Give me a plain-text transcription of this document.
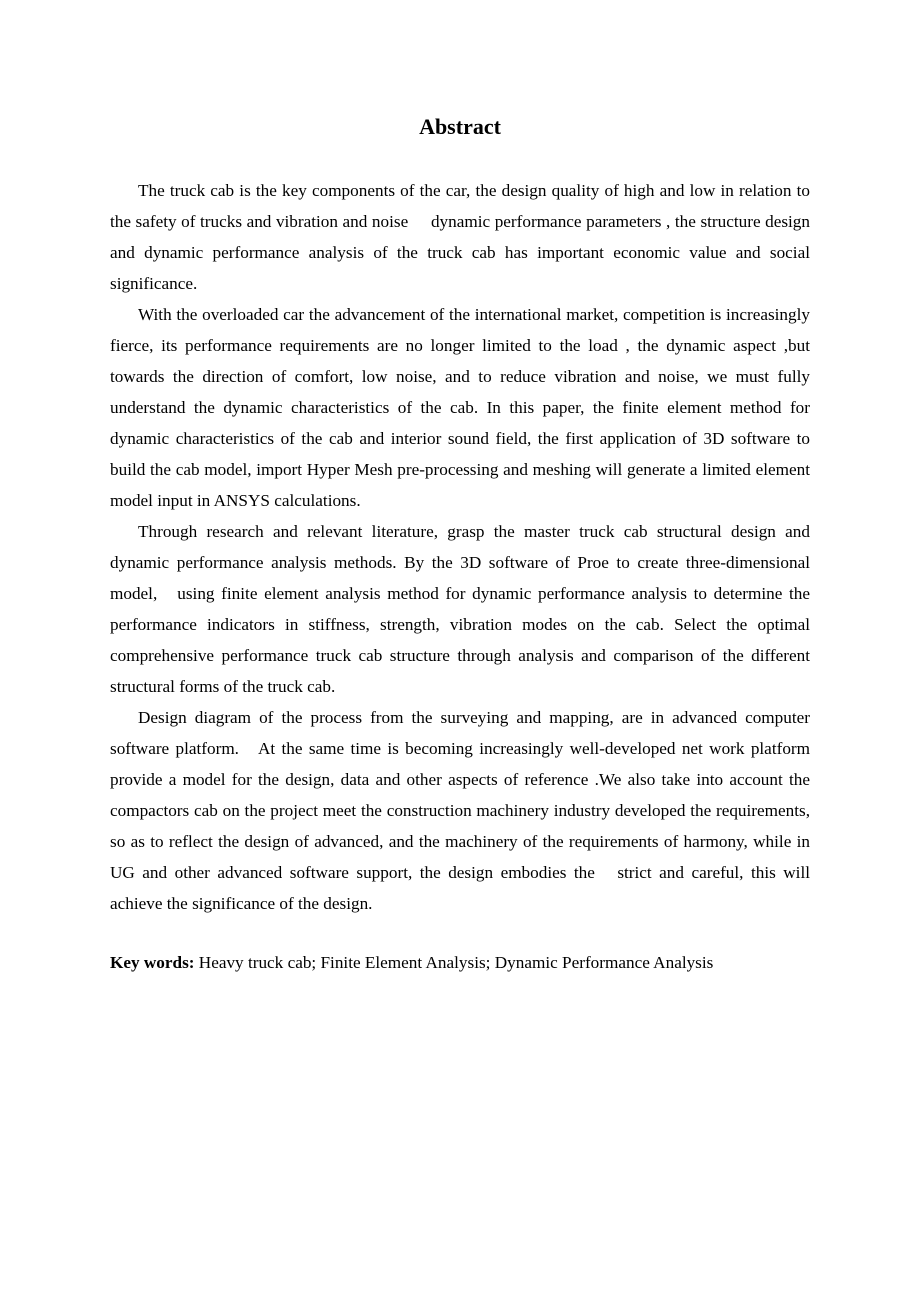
Abstract

The truck cab is the key components of the car, the design quality of high and low in relation to the safety of trucks and vibration and noise     dynamic performance parameters , the structure design and dynamic performance analysis of the truck cab has important economic value and social significance.

With the overloaded car the advancement of the international market, competition is increasingly fierce, its performance requirements are no longer limited to the load , the dynamic aspect ,but towards the direction of comfort, low noise, and to reduce vibration and noise, we must fully understand the dynamic characteristics of the cab. In this paper, the finite element method for dynamic characteristics of the cab and interior sound field, the first application of 3D software to build the cab model, import Hyper Mesh pre-processing and meshing will generate a limited element model input in ANSYS calculations.

Through research and relevant literature, grasp the master truck cab structural design and dynamic performance analysis methods. By the 3D software of Proe to create three-dimensional model,   using finite element analysis method for dynamic performance analysis to determine the performance indicators in stiffness, strength, vibration modes on the cab. Select the optimal comprehensive performance truck cab structure through analysis and comparison of the different structural forms of the truck cab.

Design diagram of the process from the surveying and mapping, are in advanced computer software platform.   At the same time is becoming increasingly well-developed net work platform provide a model for the design, data and other aspects of reference .We also take into account the compactors cab on the project meet the construction machinery industry developed the requirements, so as to reflect the design of advanced, and the machinery of the requirements of harmony, while in UG and other advanced software support, the design embodies the   strict and careful, this will achieve the significance of the design.

Key words: Heavy truck cab; Finite Element Analysis; Dynamic Performance Analysis
